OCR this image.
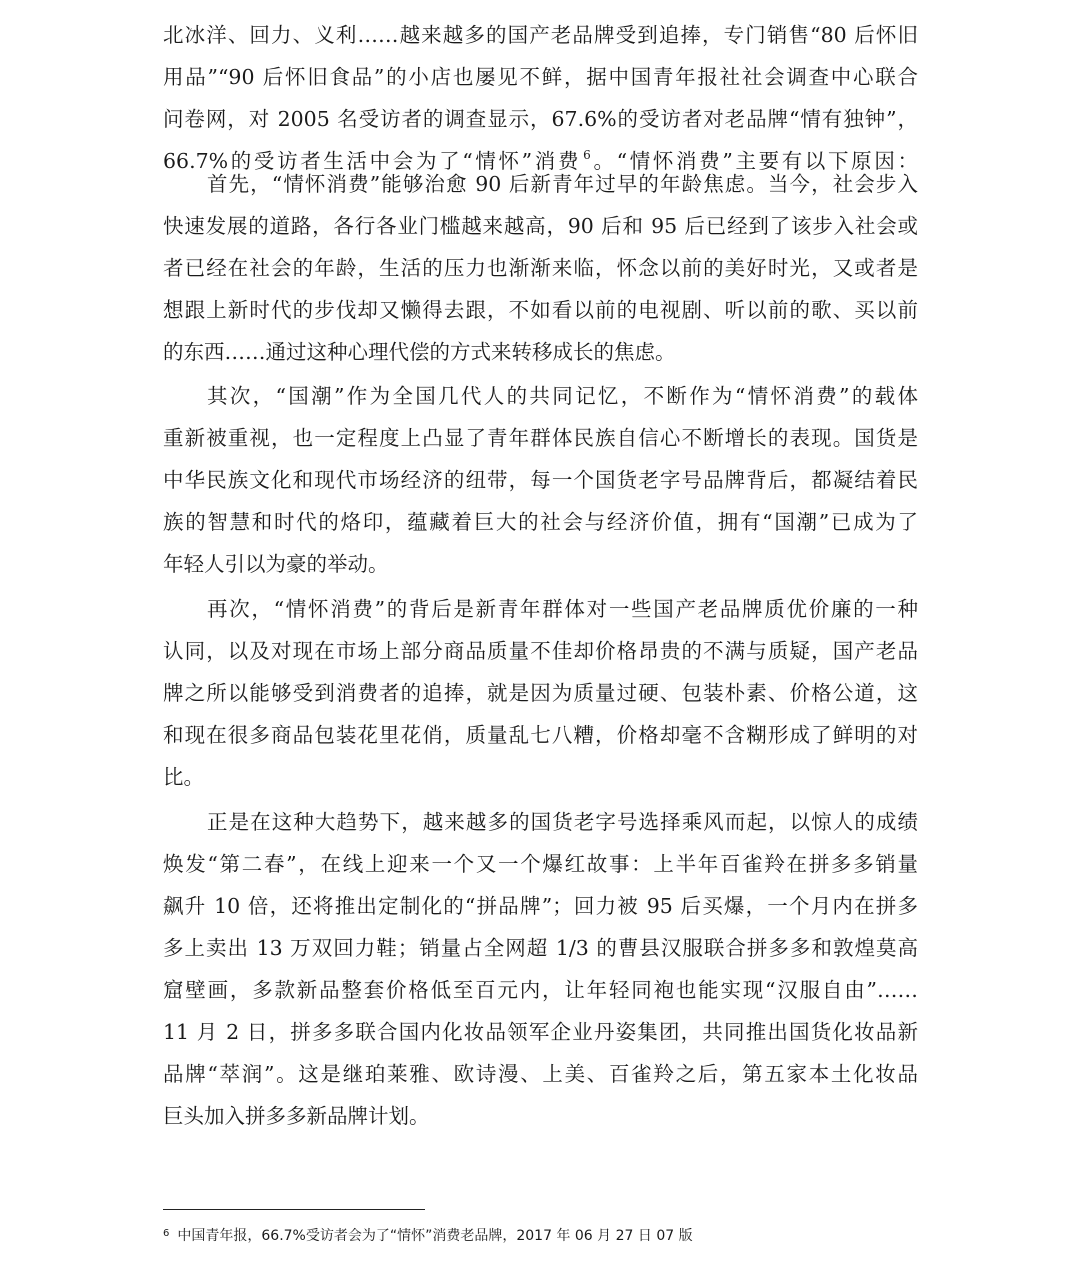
北冰洋、回力、义利……越来越多的国产老品牌受到追捧，专门销售“80 后怀旧
用品”“90 后怀旧食品”的小店也屡见不鲜，据中国青年报社社会调查中心联合
问卷网，对 2005 名受访者的调查显示，67.6%的受访者对老品牌“情有独钟”，
66.7%的受访者生活中会为了“情怀”消费  $^6$。“情怀消费”主要有以下原因：
首先，“情怀消费”能够治愈 90 后新青年过早的年龄焦虑。当今，社会步入
快速发展的道路，各行各业门槛越来越高，90 后和 95 后已经到了该步入社会或
者已经在社会的年龄，生活的压力也渐渐来临，怀念以前的美好时光，又或者是
想跟上新时代的步伐却又懒得去跟，不如看以前的电视剧、听以前的歌、买以前
的东西……通过这种心理代偿的方式来转移成长的焦虑。
其次，“国潮”作为全国几代人的共同记忆，不断作为“情怀消费”的载体
重新被重视，也一定程度上凸显了青年群体民族自信心不断增长的表现。国货是
中华民族文化和现代市场经济的纽带，每一个国货老字号品牌背后，都凝结着民
族的智慧和时代的烙印，蕴藏着巨大的社会与经济价值，拥有“国潮”已成为了
年轻人引以为豪的举动。
再次，“情怀消费”的背后是新青年群体对一些国产老品牌质优价廉的一种
认同，以及对现在市场上部分商品质量不佳却价格昂贵的不满与质疑，国产老品
牌之所以能够受到消费者的追捧，就是因为质量过硬、包装朴素、价格公道，这
和现在很多商品包装花里花俏，质量乱七八糟，价格却毫不含糊形成了鲜明的对
比。
正是在这种大趋势下，越来越多的国货老字号选择乘风而起，以惊人的成绩
焕发“第二春”，在线上迎来一个又一个爆红故事：上半年百雀羚在拼多多销量
飙升 10 倍，还将推出定制化的“拼品牌”；回力被 95 后买爆，一个月内在拼多
多上卖出 13 万双回力鞋；销量占全网超 1/3 的曹县汉服联合拼多多和敦煌莫高
窟壁画，多款新品整套价格低至百元内，让年轻同袍也能实现“汉服自由”……
11 月 2 日，拼多多联合国内化妆品领军企业丹姿集团，共同推出国货化妆品新
品牌“萃润”。这是继珀莱雅、欧诗漫、上美、百雀羚之后，第五家本土化妆品
巨头加入拼多多新品牌计划。
$^6$ 中国青年报，66.7%受访者会为了“情怀”消费老品牌，2017 年 06 月 27 日 07 版
